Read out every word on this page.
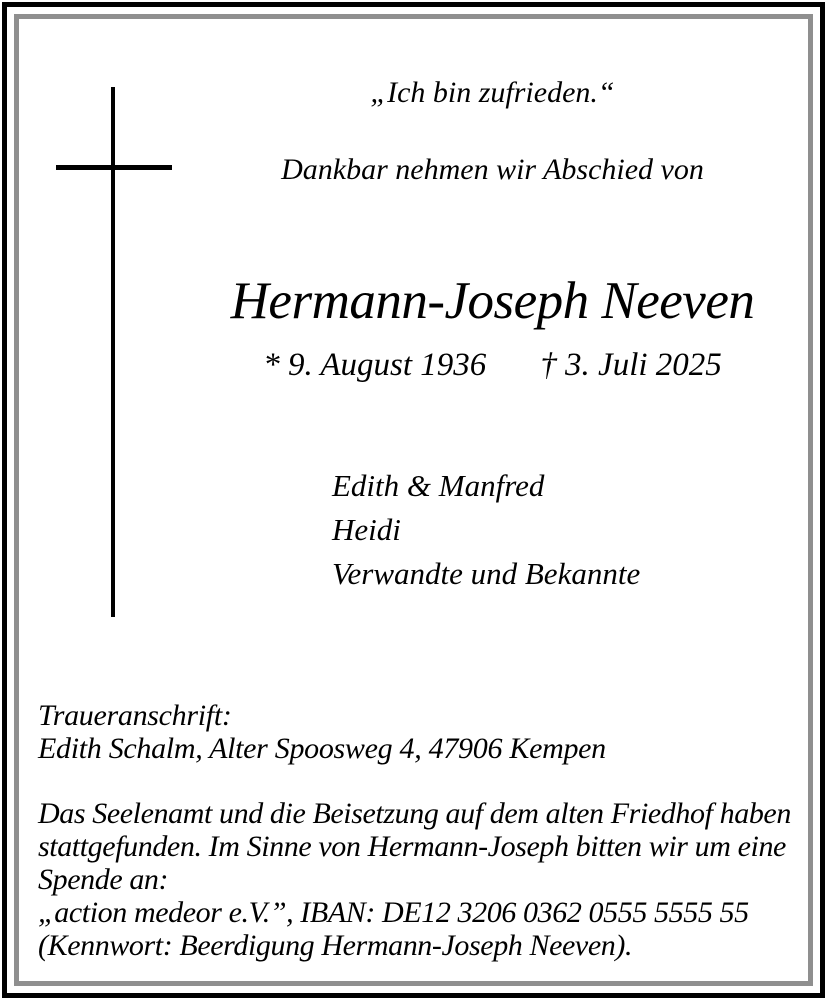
„Ich bin zufrieden.“
Dankbar nehmen wir Abschied von
Hermann-Joseph Neeven
* 9. August 1936 † 3. Juli 2025
Edith & Manfred
Heidi
Verwandte und Bekannte
Traueranschrift:
Edith Schalm, Alter Spoosweg 4, 47906 Kempen
Das Seelenamt und die Beisetzung auf dem alten Friedhof haben
stattgefunden. Im Sinne von Hermann-Joseph bitten wir um eine
Spende an:
„action medeor e.V.”, IBAN: DE12 3206 0362 0555 5555 55
(Kennwort: Beerdigung Hermann-Joseph Neeven).
